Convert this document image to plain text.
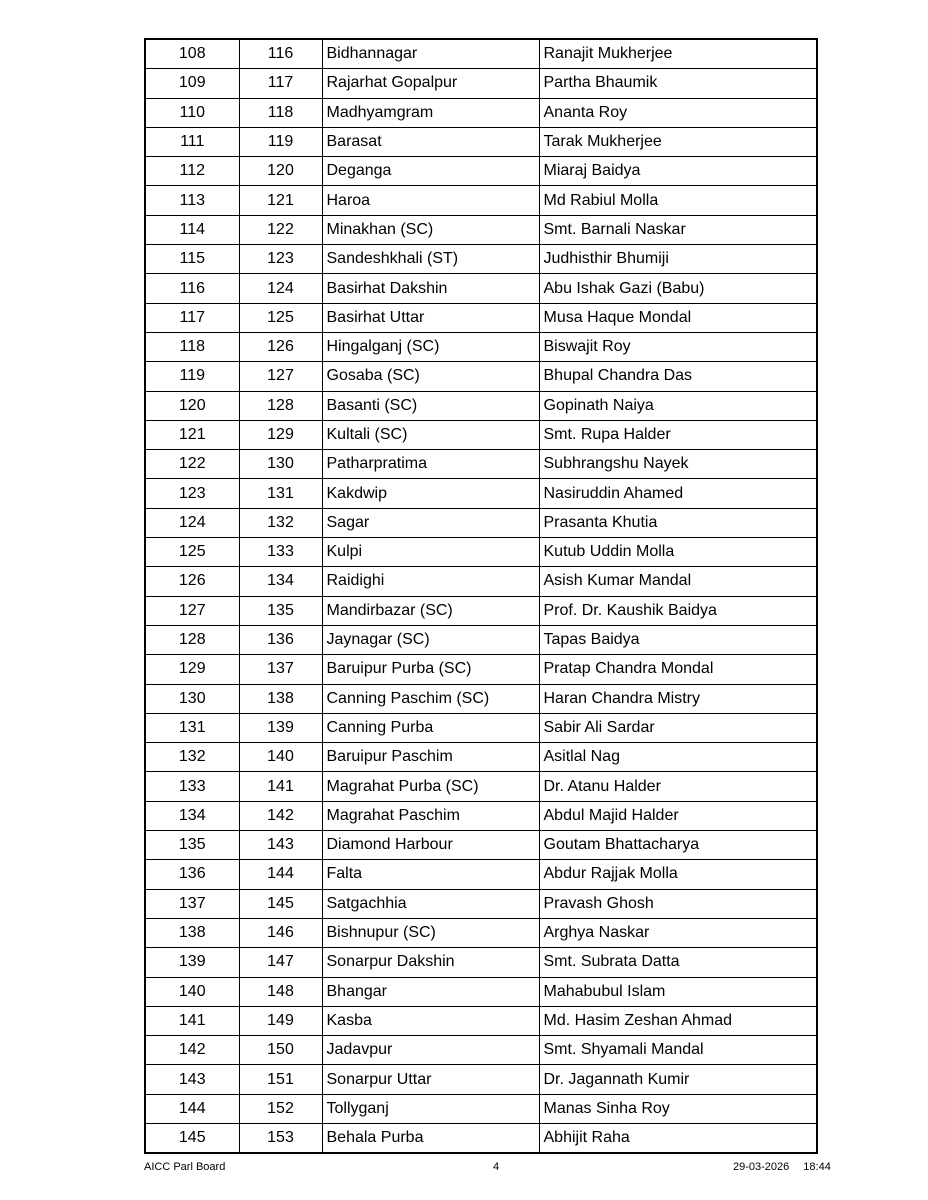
108	116	Bidhannagar	Ranajit Mukherjee
109	117	Rajarhat Gopalpur	Partha Bhaumik
110	118	Madhyamgram	Ananta Roy
111	119	Barasat	Tarak Mukherjee
112	120	Deganga	Miaraj Baidya
113	121	Haroa	Md Rabiul Molla
114	122	Minakhan (SC)	Smt. Barnali Naskar
115	123	Sandeshkhali (ST)	Judhisthir Bhumiji
116	124	Basirhat Dakshin	Abu Ishak Gazi (Babu)
117	125	Basirhat Uttar	Musa Haque Mondal
118	126	Hingalganj (SC)	Biswajit Roy
119	127	Gosaba (SC)	Bhupal Chandra Das
120	128	Basanti (SC)	Gopinath Naiya
121	129	Kultali (SC)	Smt. Rupa Halder
122	130	Patharpratima	Subhrangshu Nayek
123	131	Kakdwip	Nasiruddin Ahamed
124	132	Sagar	Prasanta Khutia
125	133	Kulpi	Kutub Uddin Molla
126	134	Raidighi	Asish Kumar Mandal
127	135	Mandirbazar (SC)	Prof. Dr. Kaushik Baidya
128	136	Jaynagar (SC)	Tapas Baidya
129	137	Baruipur Purba (SC)	Pratap Chandra Mondal
130	138	Canning Paschim (SC)	Haran Chandra Mistry
131	139	Canning Purba	Sabir Ali Sardar
132	140	Baruipur Paschim	Asitlal Nag
133	141	Magrahat Purba (SC)	Dr. Atanu Halder
134	142	Magrahat Paschim	Abdul Majid Halder
135	143	Diamond Harbour	Goutam Bhattacharya
136	144	Falta	Abdur Rajjak Molla
137	145	Satgachhia	Pravash Ghosh
138	146	Bishnupur (SC)	Arghya Naskar
139	147	Sonarpur Dakshin	Smt. Subrata Datta
140	148	Bhangar	Mahabubul Islam
141	149	Kasba	Md. Hasim Zeshan Ahmad
142	150	Jadavpur	Smt. Shyamali Mandal
143	151	Sonarpur Uttar	Dr. Jagannath Kumir
144	152	Tollyganj	Manas Sinha Roy
145	153	Behala Purba	Abhijit Raha
AICC Parl Board	4	29-03-2026 18:44
